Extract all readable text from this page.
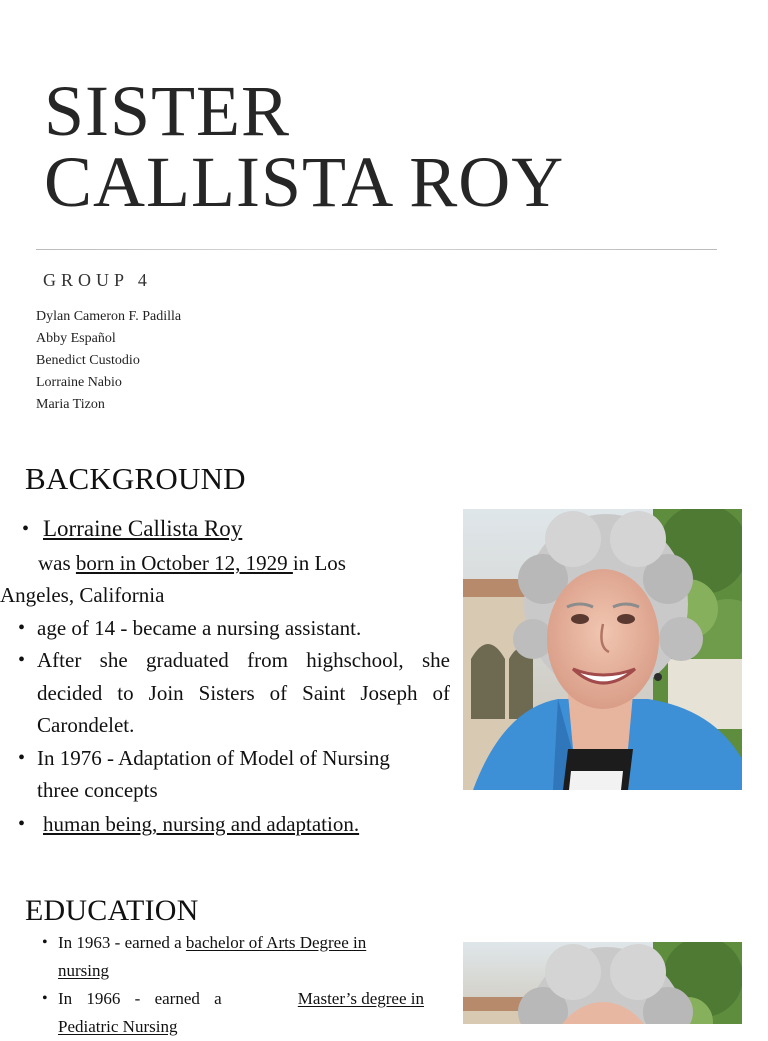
SISTER
CALLISTA ROY
GROUP 4
Dylan Cameron F. Padilla
Abby Español
Benedict Custodio
Lorraine Nabio
Maria Tizon
BACKGROUND
• Lorraine Callista Roy
was born in October 12, 1929 in Los
Angeles, California
• age of 14 - became a nursing assistant.
• After she graduated from highschool, she
decided to Join Sisters of Saint Joseph of
Carondelet.
• In 1976 - Adaptation of Model of Nursing
three concepts
• human being, nursing and adaptation.
EDUCATION
• In 1963 - earned a bachelor of Arts Degree in
nursing
• In 1966 - earned a	Master’s degree in
Pediatric Nursing
